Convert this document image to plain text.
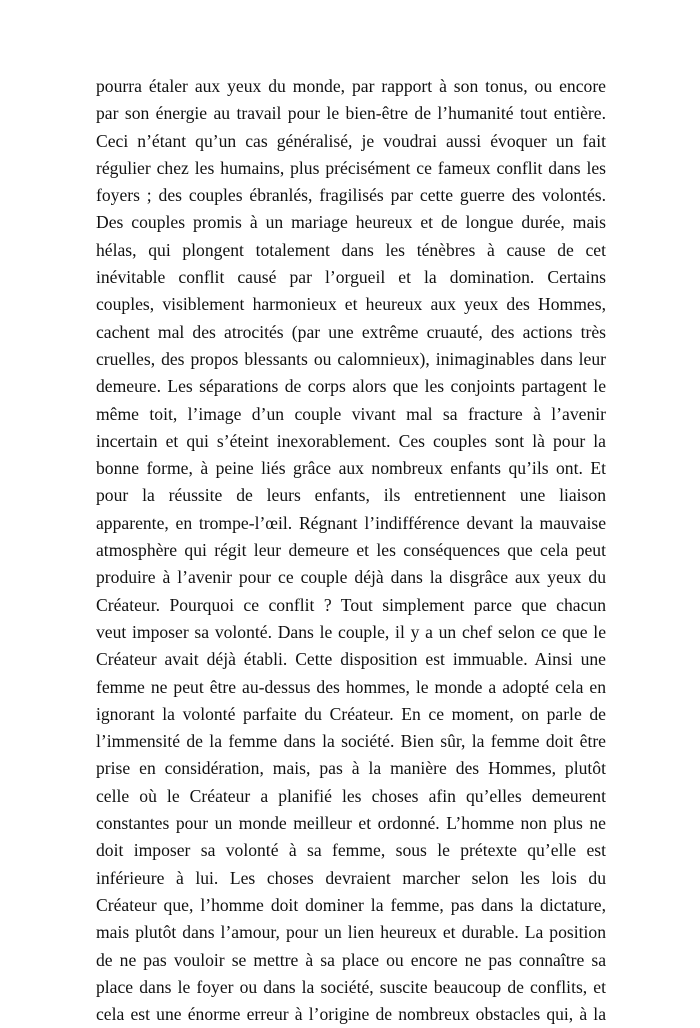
pourra étaler aux yeux du monde, par rapport à son tonus, ou encore
par son énergie au travail pour le bien-être de l’humanité tout entière.
Ceci n’étant qu’un cas généralisé, je voudrai aussi évoquer un fait
régulier chez les humains, plus précisément ce fameux conflit dans les
foyers ; des couples ébranlés, fragilisés par cette guerre des volontés.
Des couples promis à un mariage heureux et de longue durée, mais
hélas, qui plongent totalement dans les ténèbres à cause de cet
inévitable conflit causé par l’orgueil et la domination. Certains
couples, visiblement harmonieux et heureux aux yeux des Hommes,
cachent mal des atrocités (par une extrême cruauté, des actions très
cruelles, des propos blessants ou calomnieux), inimaginables dans leur
demeure. Les séparations de corps alors que les conjoints partagent le
même toit, l’image d’un couple vivant mal sa fracture à l’avenir
incertain et qui s’éteint inexorablement. Ces couples sont là pour la
bonne forme, à peine liés grâce aux nombreux enfants qu’ils ont. Et
pour la réussite de leurs enfants, ils entretiennent une liaison
apparente, en trompe-l’œil. Régnant l’indifférence devant la mauvaise
atmosphère qui régit leur demeure et les conséquences que cela peut
produire à l’avenir pour ce couple déjà dans la disgrâce aux yeux du
Créateur. Pourquoi ce conflit ? Tout simplement parce que chacun
veut imposer sa volonté. Dans le couple, il y a un chef selon ce que le
Créateur avait déjà établi. Cette disposition est immuable. Ainsi une
femme ne peut être au-dessus des hommes, le monde a adopté cela en
ignorant la volonté parfaite du Créateur. En ce moment, on parle de
l’immensité de la femme dans la société. Bien sûr, la femme doit être
prise en considération, mais, pas à la manière des Hommes, plutôt
celle où le Créateur a planifié les choses afin qu’elles demeurent
constantes pour un monde meilleur et ordonné. L’homme non plus ne
doit imposer sa volonté à sa femme, sous le prétexte qu’elle est
inférieure à lui. Les choses devraient marcher selon les lois du
Créateur que, l’homme doit dominer la femme, pas dans la dictature,
mais plutôt dans l’amour, pour un lien heureux et durable. La position
de ne pas vouloir se mettre à sa place ou encore ne pas connaître sa
place dans le foyer ou dans la société, suscite beaucoup de conflits, et
cela est une énorme erreur à l’origine de nombreux obstacles qui, à la
